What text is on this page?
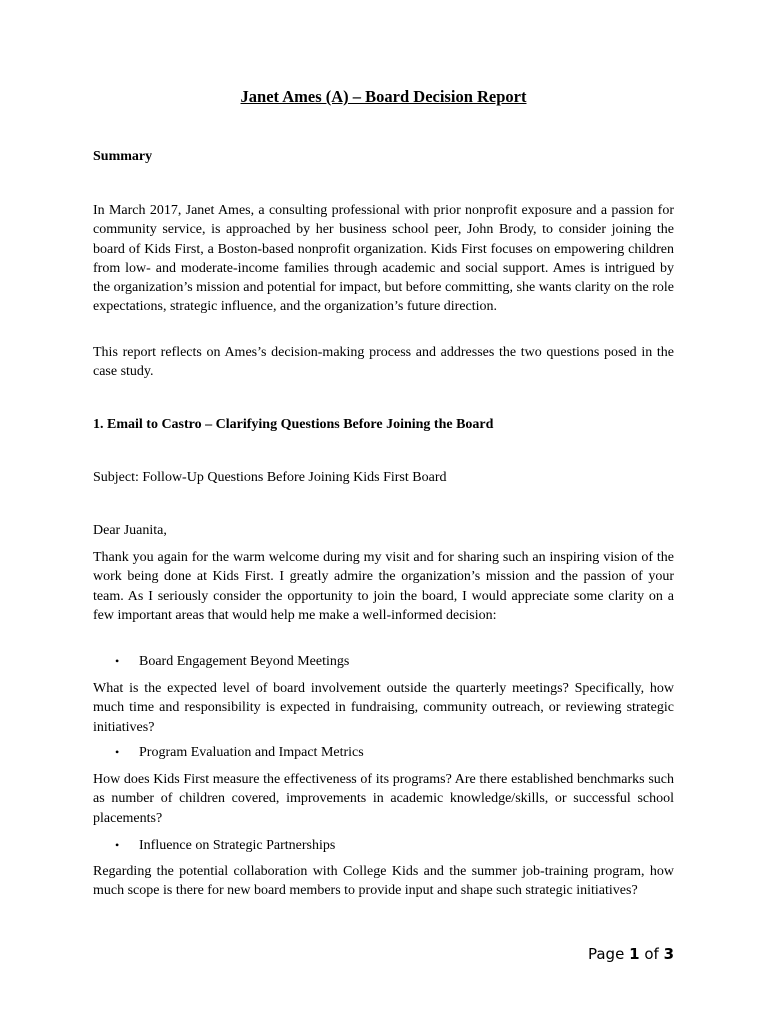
Janet Ames (A) – Board Decision Report

Summary

In March 2017, Janet Ames, a consulting professional with prior nonprofit exposure and a passion for community service, is approached by her business school peer, John Brody, to consider joining the board of Kids First, a Boston-based nonprofit organization. Kids First focuses on empowering children from low- and moderate-income families through academic and social support. Ames is intrigued by the organization’s mission and potential for impact, but before committing, she wants clarity on the role expectations, strategic influence, and the organization’s future direction.

This report reflects on Ames’s decision-making process and addresses the two questions posed in the case study.

1. Email to Castro – Clarifying Questions Before Joining the Board

Subject: Follow-Up Questions Before Joining Kids First Board

Dear Juanita,

Thank you again for the warm welcome during my visit and for sharing such an inspiring vision of the work being done at Kids First. I greatly admire the organization’s mission and the passion of your team. As I seriously consider the opportunity to join the board, I would appreciate some clarity on a few important areas that would help me make a well-informed decision:

• Board Engagement Beyond Meetings

What is the expected level of board involvement outside the quarterly meetings? Specifically, how much time and responsibility is expected in fundraising, community outreach, or reviewing strategic initiatives?

• Program Evaluation and Impact Metrics

How does Kids First measure the effectiveness of its programs? Are there established benchmarks such as number of children covered, improvements in academic knowledge/skills, or successful school placements?

• Influence on Strategic Partnerships

Regarding the potential collaboration with College Kids and the summer job-training program, how much scope is there for new board members to provide input and shape such strategic initiatives?

Page 1 of 3
